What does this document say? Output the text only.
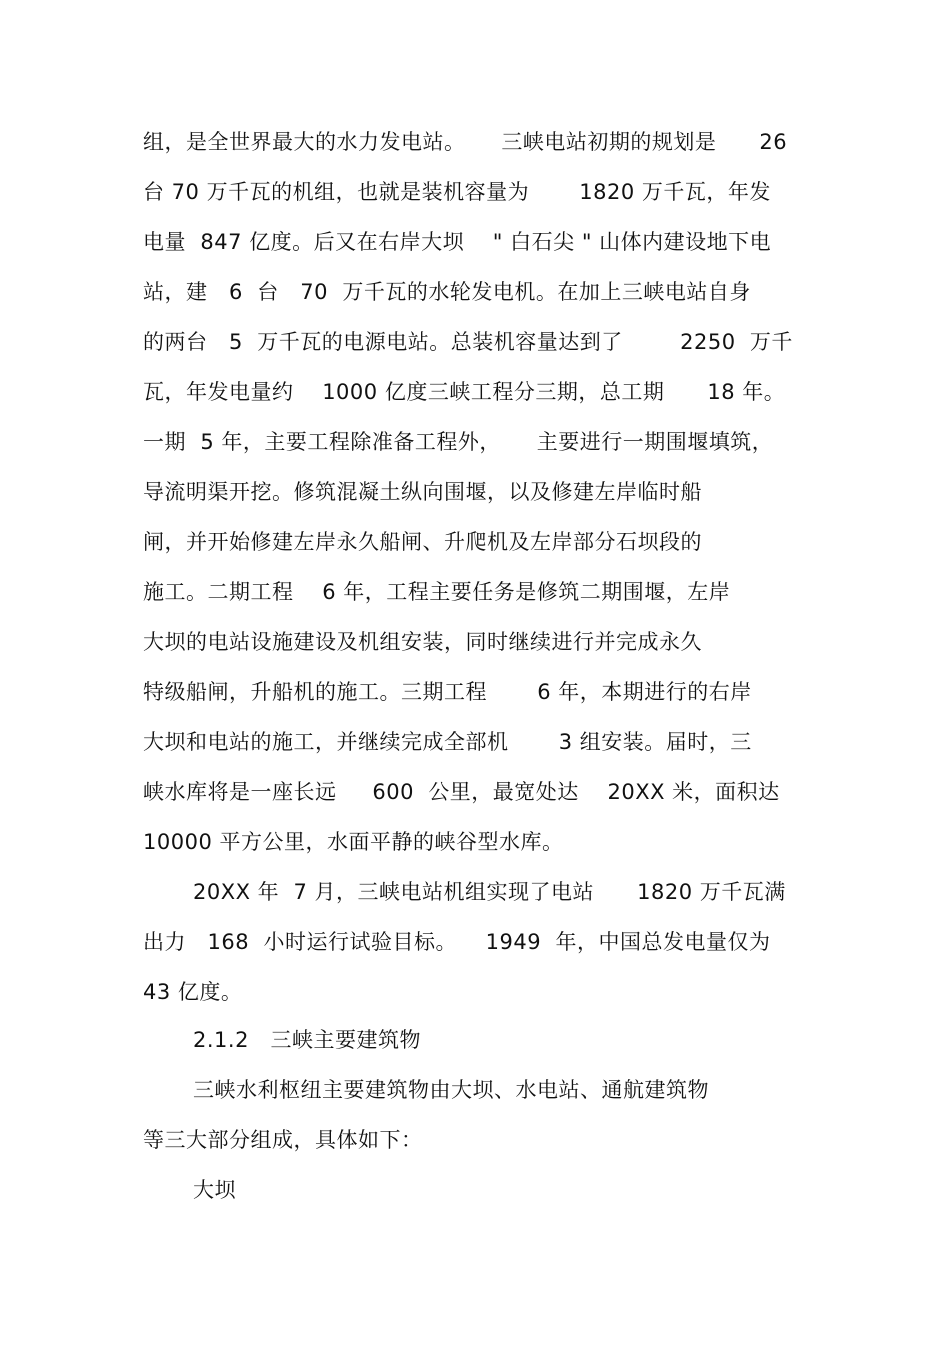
组，是全世界最大的水力发电站。     三峡电站初期的规划是      26
台 70 万千瓦的机组，也就是装机容量为       1820 万千瓦，年发
电量  847 亿度。后又在右岸大坝    " 白石尖 " 山体内建设地下电
站，建   6  台   70  万千瓦的水轮发电机。在加上三峡电站自身
的两台   5  万千瓦的电源电站。总装机容量达到了        2250  万千
瓦，年发电量约    1000 亿度三峡工程分三期，总工期      18 年。
一期  5 年，主要工程除准备工程外，     主要进行一期围堰填筑，
导流明渠开挖。修筑混凝土纵向围堰，以及修建左岸临时船
闸，并开始修建左岸永久船闸、升爬机及左岸部分石坝段的
施工。二期工程    6 年，工程主要任务是修筑二期围堰，左岸
大坝的电站设施建设及机组安装，同时继续进行并完成永久
特级船闸，升船机的施工。三期工程       6 年，本期进行的右岸
大坝和电站的施工，并继续完成全部机       3 组安装。届时，三
峡水库将是一座长远     600  公里，最宽处达    20XX 米，面积达
10000 平方公里，水面平静的峡谷型水库。
20XX 年  7 月，三峡电站机组实现了电站      1820 万千瓦满
出力   168  小时运行试验目标。    1949  年，中国总发电量仅为
43 亿度。
2.1.2   三峡主要建筑物
三峡水利枢纽主要建筑物由大坝、水电站、通航建筑物
等三大部分组成，具体如下：
大坝
